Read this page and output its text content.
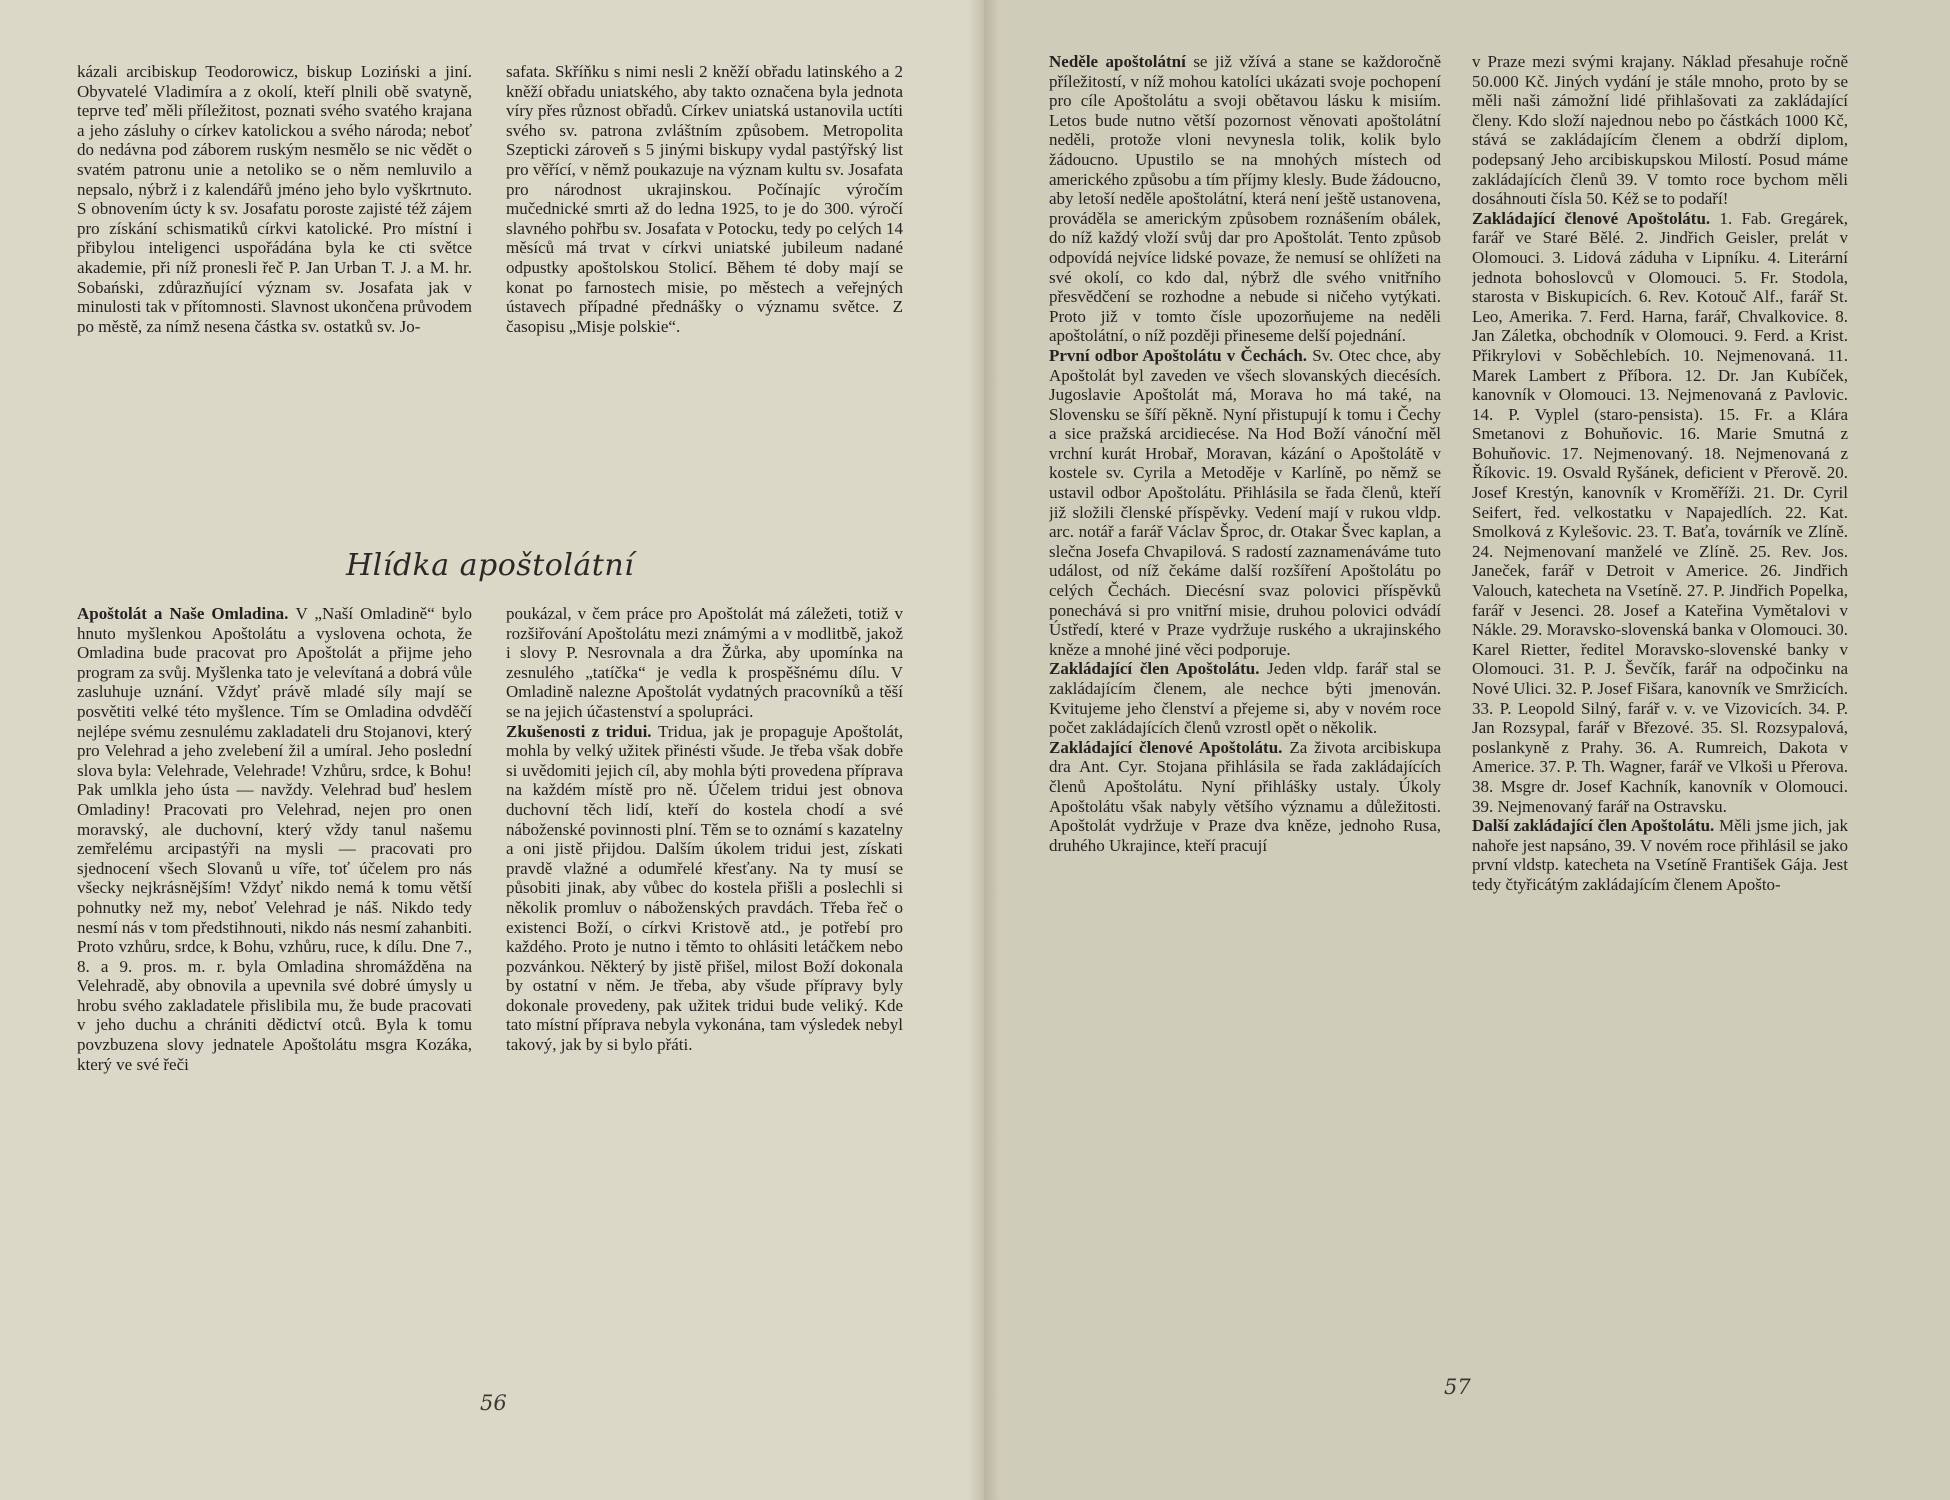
kázali arcibiskup Teodorowicz, biskup Loziński a jiní. Obyvatelé Vladimíra a z okolí, kteří plnili obě svatyně, teprve teď měli příležitost, poznati svého svatého krajana a jeho zásluhy o církev katolickou a svého národa; neboť do nedávna pod záborem ruským nesmělo se nic vědět o svatém patronu unie a netoliko se o něm nemluvilo a nepsalo, nýbrž i z kalendářů jméno jeho bylo vyškrtnuto. S obnovením úcty k sv. Josafatu poroste zajisté též zájem pro získání schismatiků církvi katolické. Pro místní i přibylou inteligenci uspořádána byla ke cti světce akademie, při níž pronesli řeč P. Jan Urban T. J. a M. hr. Sobański, zdůrazňující význam sv. Josafata jak v minulosti tak v přítomnosti. Slavnost ukončena průvodem po městě, za nímž nesena částka sv. ostatků sv. Jo-

safata. Skříňku s nimi nesli 2 kněží obřadu latinského a 2 kněží obřadu uniatského, aby takto označena byla jednota víry přes různost obřadů. Církev uniatská ustanovila uctíti svého sv. patrona zvláštním způsobem. Metropolita Szepticki zároveň s 5 jinými biskupy vydal pastýřský list pro věřící, v němž poukazuje na význam kultu sv. Josafata pro národnost ukrajinskou. Počínajíc výročím mučednické smrti až do ledna 1925, to je do 300. výročí slavného pohřbu sv. Josafata v Potocku, tedy po celých 14 měsíců má trvat v církvi uniatské jubileum nadané odpustky apoštolskou Stolicí. Během té doby mají se konat po farnostech misie, po městech a veřejných ústavech případné přednášky o významu světce. Z časopisu „Misje polskie“.

Hlídka apoštolátní

Apoštolát a Naše Omladina. V „Naší Omladině“ bylo hnuto myšlenkou Apoštolátu a vyslovena ochota, že Omladina bude pracovat pro Apoštolát a přijme jeho program za svůj. Myšlenka tato je velevítaná a dobrá vůle zasluhuje uznání. Vždyť právě mladé síly mají se posvětiti velké této myšlence. Tím se Omladina odvděčí nejlépe svému zesnulému zakladateli dru Stojanovi, který pro Velehrad a jeho zvelebení žil a umíral. Jeho poslední slova byla: Velehrade, Velehrade! Vzhůru, srdce, k Bohu! Pak umlkla jeho ústa — navždy. Velehrad buď heslem Omladiny! Pracovati pro Velehrad, nejen pro onen moravský, ale duchovní, který vždy tanul našemu zemřelému arcipastýři na mysli — pracovati pro sjednocení všech Slovanů u víře, toť účelem pro nás všecky nejkrásnějším! Vždyť nikdo nemá k tomu větší pohnutky než my, neboť Velehrad je náš. Nikdo tedy nesmí nás v tom předstihnouti, nikdo nás nesmí zahanbiti. Proto vzhůru, srdce, k Bohu, vzhůru, ruce, k dílu. Dne 7., 8. a 9. pros. m. r. byla Omladina shromážděna na Velehradě, aby obnovila a upevnila své dobré úmysly u hrobu svého zakladatele přislibila mu, že bude pracovati v jeho duchu a chrániti dědictví otců. Byla k tomu povzbuzena slovy jednatele Apoštolátu msgra Kozáka, který ve své řeči

poukázal, v čem práce pro Apoštolát má záležeti, totiž v rozšiřování Apoštolátu mezi známými a v modlitbě, jakož i slovy P. Nesrovnala a dra Žůrka, aby upomínka na zesnulého „tatíčka“ je vedla k prospěšnému dílu. V Omladině nalezne Apoštolát vydatných pracovníků a těší se na jejich účastenství a spolupráci.

Zkušenosti z tridui. Tridua, jak je propaguje Apoštolát, mohla by velký užitek přinésti všude. Je třeba však dobře si uvědomiti jejich cíl, aby mohla býti provedena příprava na každém místě pro ně. Účelem tridui jest obnova duchovní těch lidí, kteří do kostela chodí a své náboženské povinnosti plní. Těm se to oznámí s kazatelny a oni jistě přijdou. Dalším úkolem tridui jest, získati pravdě vlažné a odumřelé křesťany. Na ty musí se působiti jinak, aby vůbec do kostela přišli a poslechli si několik promluv o náboženských pravdách. Třeba řeč o existenci Boží, o církvi Kristově atd., je potřebí pro každého. Proto je nutno i těmto to ohlásiti letáčkem nebo pozvánkou. Některý by jistě přišel, milost Boží dokonala by ostatní v něm. Je třeba, aby všude přípravy byly dokonale provedeny, pak užitek tridui bude veliký. Kde tato místní příprava nebyla vykonána, tam výsledek nebyl takový, jak by si bylo přáti.

56

Neděle apoštolátní se již vžívá a stane se každoročně příležitostí, v níž mohou katolíci ukázati svoje pochopení pro cíle Apoštolátu a svoji obětavou lásku k misiím. Letos bude nutno větší pozornost věnovati apoštolátní neděli, protože vloni nevynesla tolik, kolik bylo žádoucno. Upustilo se na mnohých místech od amerického způsobu a tím příjmy klesly. Bude žádoucno, aby letoší neděle apoštolátní, která není ještě ustanovena, prováděla se americkým způsobem roznášením obálek, do níž každý vloží svůj dar pro Apoštolát. Tento způsob odpovídá nejvíce lidské povaze, že nemusí se ohlížeti na své okolí, co kdo dal, nýbrž dle svého vnitřního přesvědčení se rozhodne a nebude si ničeho vytýkati. Proto již v tomto čísle upozorňujeme na neděli apoštolátní, o níž později přineseme delší pojednání.

První odbor Apoštolátu v Čechách. Sv. Otec chce, aby Apoštolát byl zaveden ve všech slovanských diecésích. Jugoslavie Apoštolát má, Morava ho má také, na Slovensku se šíří pěkně. Nyní přistupují k tomu i Čechy a sice pražská arcidiecése. Na Hod Boží vánoční měl vrchní kurát Hrobař, Moravan, kázání o Apoštolátě v kostele sv. Cyrila a Metoděje v Karlíně, po němž se ustavil odbor Apoštolátu. Přihlásila se řada členů, kteří již složili členské příspěvky. Vedení mají v rukou vldp. arc. notář a farář Václav Šproc, dr. Otakar Švec kaplan, a slečna Josefa Chvapilová. S radostí zaznamenáváme tuto událost, od níž čekáme další rozšíření Apoštolátu po celých Čechách. Diecésní svaz polovici příspěvků ponechává si pro vnitřní misie, druhou polovici odvádí Ústředí, které v Praze vydržuje ruského a ukrajinského kněze a mnohé jiné věci podporuje.

Zakládající člen Apoštolátu. Jeden vldp. farář stal se zakládajícím členem, ale nechce býti jmenován. Kvitujeme jeho členství a přejeme si, aby v novém roce počet zakládajících členů vzrostl opět o několik.

Zakládající členové Apoštolátu. Za života arcibiskupa dra Ant. Cyr. Stojana přihlásila se řada zakládajících členů Apoštolátu. Nyní přihlášky ustaly. Úkoly Apoštolátu však nabyly většího významu a důležitosti. Apoštolát vydržuje v Praze dva kněze, jednoho Rusa, druhého Ukrajince, kteří pracují

v Praze mezi svými krajany. Náklad přesahuje ročně 50.000 Kč. Jiných vydání je stále mnoho, proto by se měli naši zámožní lidé přihlašovati za zakládající členy. Kdo složí najednou nebo po částkách 1000 Kč, stává se zakládajícím členem a obdrží diplom, podepsaný Jeho arcibiskupskou Milostí. Posud máme zakládajících členů 39. V tomto roce bychom měli dosáhnouti čísla 50. Kéž se to podaří!

Zakládající členové Apoštolátu. 1. Fab. Gregárek, farář ve Staré Bělé. 2. Jindřich Geisler, prelát v Olomouci. 3. Lidová záduha v Lipníku. 4. Literární jednota bohoslovců v Olomouci. 5. Fr. Stodola, starosta v Biskupicích. 6. Rev. Kotouč Alf., farář St. Leo, Amerika. 7. Ferd. Harna, farář, Chvalkovice. 8. Jan Záletka, obchodník v Olomouci. 9. Ferd. a Krist. Přikrylovi v Soběchlebích. 10. Nejmenovaná. 11. Marek Lambert z Příbora. 12. Dr. Jan Kubíček, kanovník v Olomouci. 13. Nejmenovaná z Pavlovic. 14. P. Vyplel (staro-pensista). 15. Fr. a Klára Smetanovi z Bohuňovic. 16. Marie Smutná z Bohuňovic. 17. Nejmenovaný. 18. Nejmenovaná z Říkovic. 19. Osvald Ryšánek, deficient v Přerově. 20. Josef Krestýn, kanovník v Kroměříži. 21. Dr. Cyril Seifert, řed. velkostatku v Napajedlích. 22. Kat. Smolková z Kylešovic. 23. T. Baťa, továrník ve Zlíně. 24. Nejmenovaní manželé ve Zlíně. 25. Rev. Jos. Janeček, farář v Detroit v Americe. 26. Jindřich Valouch, katecheta na Vsetíně. 27. P. Jindřich Popelka, farář v Jesenci. 28. Josef a Kateřina Vymětalovi v Nákle. 29. Moravsko-slovenská banka v Olomouci. 30. Karel Rietter, ředitel Moravsko-slovenské banky v Olomouci. 31. P. J. Ševčík, farář na odpočinku na Nové Ulici. 32. P. Josef Fišara, kanovník ve Smržicích. 33. P. Leopold Silný, farář v. v. ve Vizovicích. 34. P. Jan Rozsypal, farář v Březové. 35. Sl. Rozsypalová, poslankyně z Prahy. 36. A. Rumreich, Dakota v Americe. 37. P. Th. Wagner, farář ve Vlkoši u Přerova. 38. Msgre dr. Josef Kachník, kanovník v Olomouci. 39. Nejmenovaný farář na Ostravsku.

Další zakládající člen Apoštolátu. Měli jsme jich, jak nahoře jest napsáno, 39. V novém roce přihlásil se jako první vldstp. katecheta na Vsetíně František Gája. Jest tedy čtyřicátým zakládajícím členem Apošto-

57
